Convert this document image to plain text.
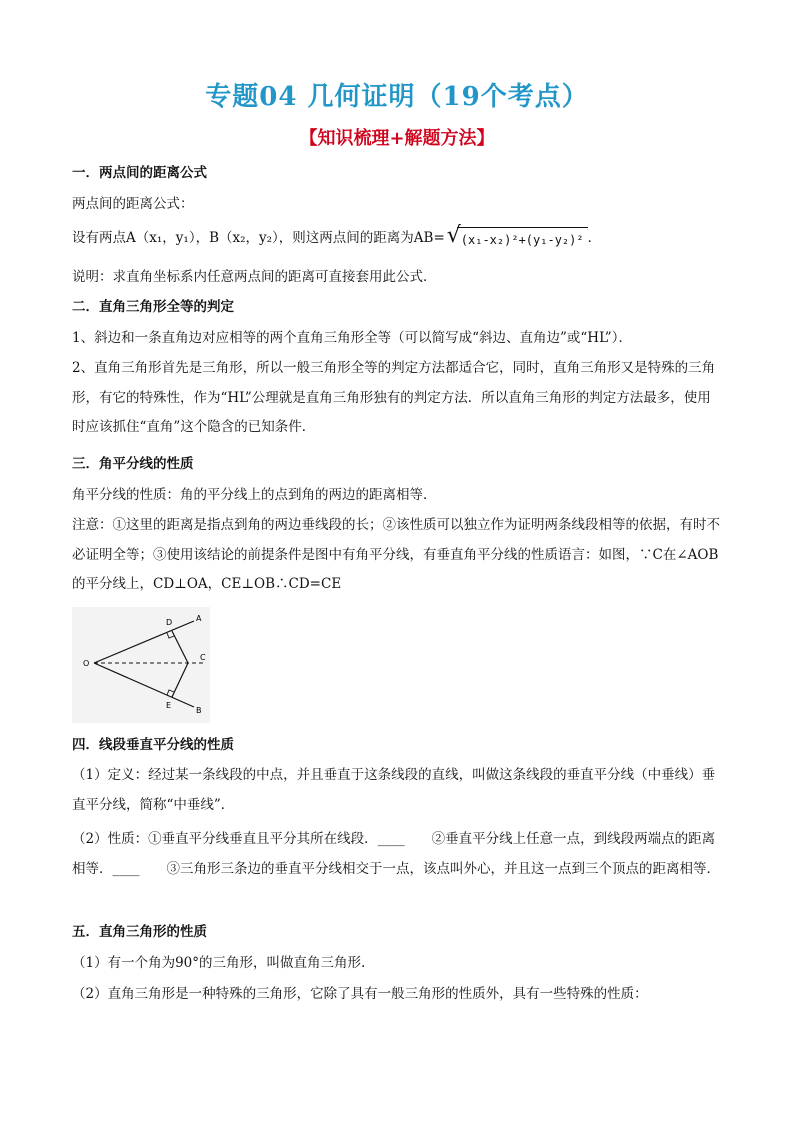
专题04 几何证明（19个考点）
【知识梳理+解题方法】
一．两点间的距离公式
两点间的距离公式：
设有两点A（x₁，y₁），B（x₂，y₂），则这两点间的距离为AB= √ (x₁-x₂)²+(y₁-y₂)² ．
说明：求直角坐标系内任意两点间的距离可直接套用此公式．
二．直角三角形全等的判定
1、斜边和一条直角边对应相等的两个直角三角形全等（可以简写成“斜边、直角边”或“HL”）．
2、直角三角形首先是三角形，所以一般三角形全等的判定方法都适合它，同时，直角三角形又是特殊的三角形，有它的特殊性，作为“HL”公理就是直角三角形独有的判定方法．所以直角三角形的判定方法最多，使用时应该抓住“直角”这个隐含的已知条件．
三．角平分线的性质
角平分线的性质：角的平分线上的点到角的两边的距离相等．
注意：①这里的距离是指点到角的两边垂线段的长；②该性质可以独立作为证明两条线段相等的依据，有时不必证明全等；③使用该结论的前提条件是图中有角平分线，有垂直角平分线的性质语言：如图，∵C在∠AOB的平分线上，CD⊥OA，CE⊥OB∴CD=CE
O
D	A
C
E
B
四．线段垂直平分线的性质
（1）定义：经过某一条线段的中点，并且垂直于这条线段的直线，叫做这条线段的垂直平分线（中垂线）垂直平分线，简称“中垂线”．
（2）性质：①垂直平分线垂直且平分其所在线段．____　　②垂直平分线上任意一点，到线段两端点的距离相等．____　　③三角形三条边的垂直平分线相交于一点，该点叫外心，并且这一点到三个顶点的距离相等．
五．直角三角形的性质
（1）有一个角为90°的三角形，叫做直角三角形.
（2）直角三角形是一种特殊的三角形，它除了具有一般三角形的性质外，具有一些特殊的性质：
